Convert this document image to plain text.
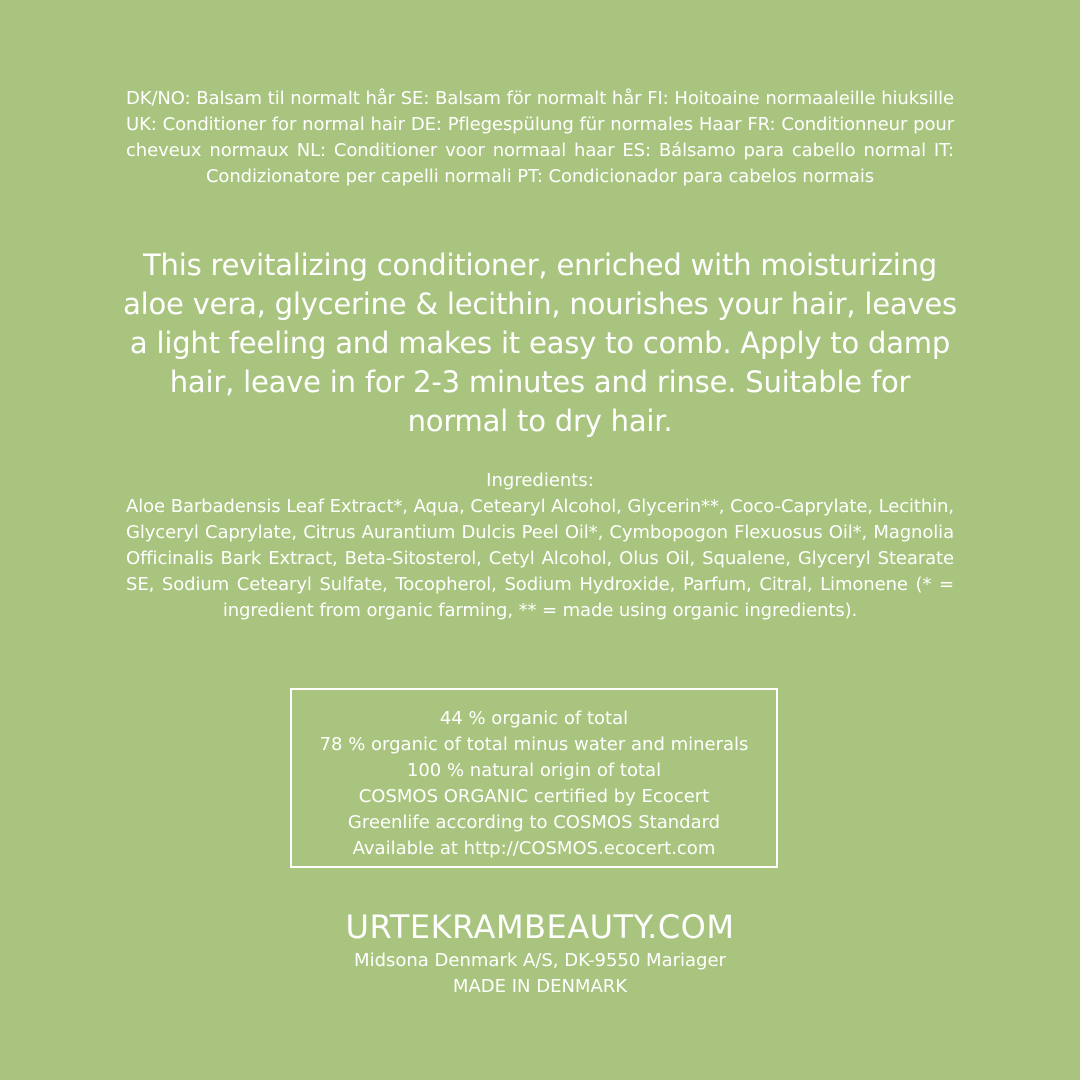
DK/NO: Balsam til normalt hår SE: Balsam för normalt hår FI: Hoitoaine normaaleille hiuksille UK: Conditioner for normal hair DE: Pflegespülung für normales Haar FR: Conditionneur pour cheveux normaux NL: Conditioner voor normaal haar ES: Bálsamo para cabello normal IT: Condizionatore per capelli normali PT: Condicionador para cabelos normais
This revitalizing conditioner, enriched with moisturizing aloe vera, glycerine & lecithin, nourishes your hair, leaves a light feeling and makes it easy to comb. Apply to damp hair, leave in for 2-3 minutes and rinse. Suitable for normal to dry hair.
Ingredients:
Aloe Barbadensis Leaf Extract*, Aqua, Cetearyl Alcohol, Glycerin**, Coco-Caprylate, Lecithin, Glyceryl Caprylate, Citrus Aurantium Dulcis Peel Oil*, Cymbopogon Flexuosus Oil*, Magnolia Officinalis Bark Extract, Beta-Sitosterol, Cetyl Alcohol, Olus Oil, Squalene, Glyceryl Stearate SE, Sodium Cetearyl Sulfate, Tocopherol, Sodium Hydroxide, Parfum, Citral, Limonene (* = ingredient from organic farming, ** = made using organic ingredients).
44 % organic of total
78 % organic of total minus water and minerals
100 % natural origin of total
COSMOS ORGANIC certified by Ecocert
Greenlife according to COSMOS Standard
Available at http://COSMOS.ecocert.com
URTEKRAMBEAUTY.COM
Midsona Denmark A/S, DK-9550 Mariager
MADE IN DENMARK
